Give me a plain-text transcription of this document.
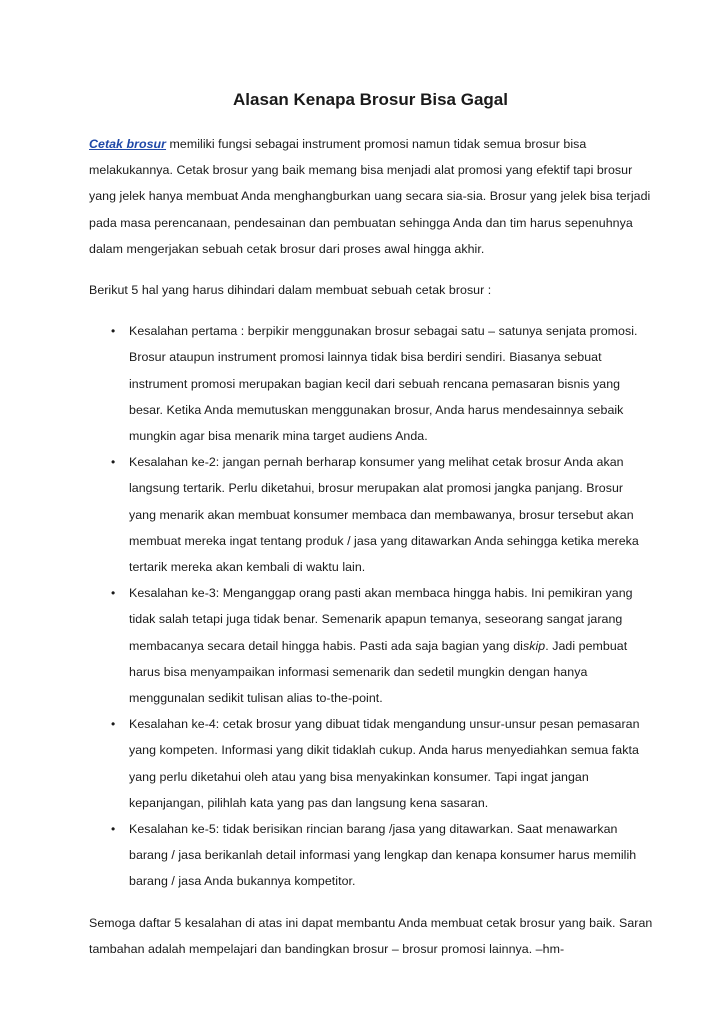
Alasan Kenapa Brosur Bisa Gagal
Cetak brosur memiliki fungsi sebagai instrument promosi namun tidak semua brosur bisa
melakukannya. Cetak brosur yang baik memang bisa menjadi alat promosi yang efektif tapi brosur
yang jelek hanya membuat Anda menghangburkan uang secara sia-sia. Brosur yang jelek bisa terjadi
pada masa perencanaan, pendesainan dan pembuatan sehingga Anda dan tim harus sepenuhnya
dalam mengerjakan sebuah cetak brosur dari proses awal hingga akhir.
Berikut 5 hal yang harus dihindari dalam membuat sebuah cetak brosur :
• Kesalahan pertama : berpikir menggunakan brosur sebagai satu – satunya senjata promosi.
Brosur ataupun instrument promosi lainnya tidak bisa berdiri sendiri. Biasanya sebuat
instrument promosi merupakan bagian kecil dari sebuah rencana pemasaran bisnis yang
besar. Ketika Anda memutuskan menggunakan brosur, Anda harus mendesainnya sebaik
mungkin agar bisa menarik mina target audiens Anda.
• Kesalahan ke-2: jangan pernah berharap konsumer yang melihat cetak brosur Anda akan
langsung tertarik. Perlu diketahui, brosur merupakan alat promosi jangka panjang. Brosur
yang menarik akan membuat konsumer membaca dan membawanya, brosur tersebut akan
membuat mereka ingat tentang produk / jasa yang ditawarkan Anda sehingga ketika mereka
tertarik mereka akan kembali di waktu lain.
• Kesalahan ke-3: Menganggap orang pasti akan membaca hingga habis. Ini pemikiran yang
tidak salah tetapi juga tidak benar. Semenarik apapun temanya, seseorang sangat jarang
membacanya secara detail hingga habis. Pasti ada saja bagian yang diskip. Jadi pembuat
harus bisa menyampaikan informasi semenarik dan sedetil mungkin dengan hanya
menggunalan sedikit tulisan alias to-the-point.
• Kesalahan ke-4: cetak brosur yang dibuat tidak mengandung unsur-unsur pesan pemasaran
yang kompeten. Informasi yang dikit tidaklah cukup. Anda harus menyediahkan semua fakta
yang perlu diketahui oleh atau yang bisa menyakinkan konsumer. Tapi ingat jangan
kepanjangan, pilihlah kata yang pas dan langsung kena sasaran.
• Kesalahan ke-5: tidak berisikan rincian barang /jasa yang ditawarkan. Saat menawarkan
barang / jasa berikanlah detail informasi yang lengkap dan kenapa konsumer harus memilih
barang / jasa Anda bukannya kompetitor.
Semoga daftar 5 kesalahan di atas ini dapat membantu Anda membuat cetak brosur yang baik. Saran
tambahan adalah mempelajari dan bandingkan brosur – brosur promosi lainnya. –hm-
